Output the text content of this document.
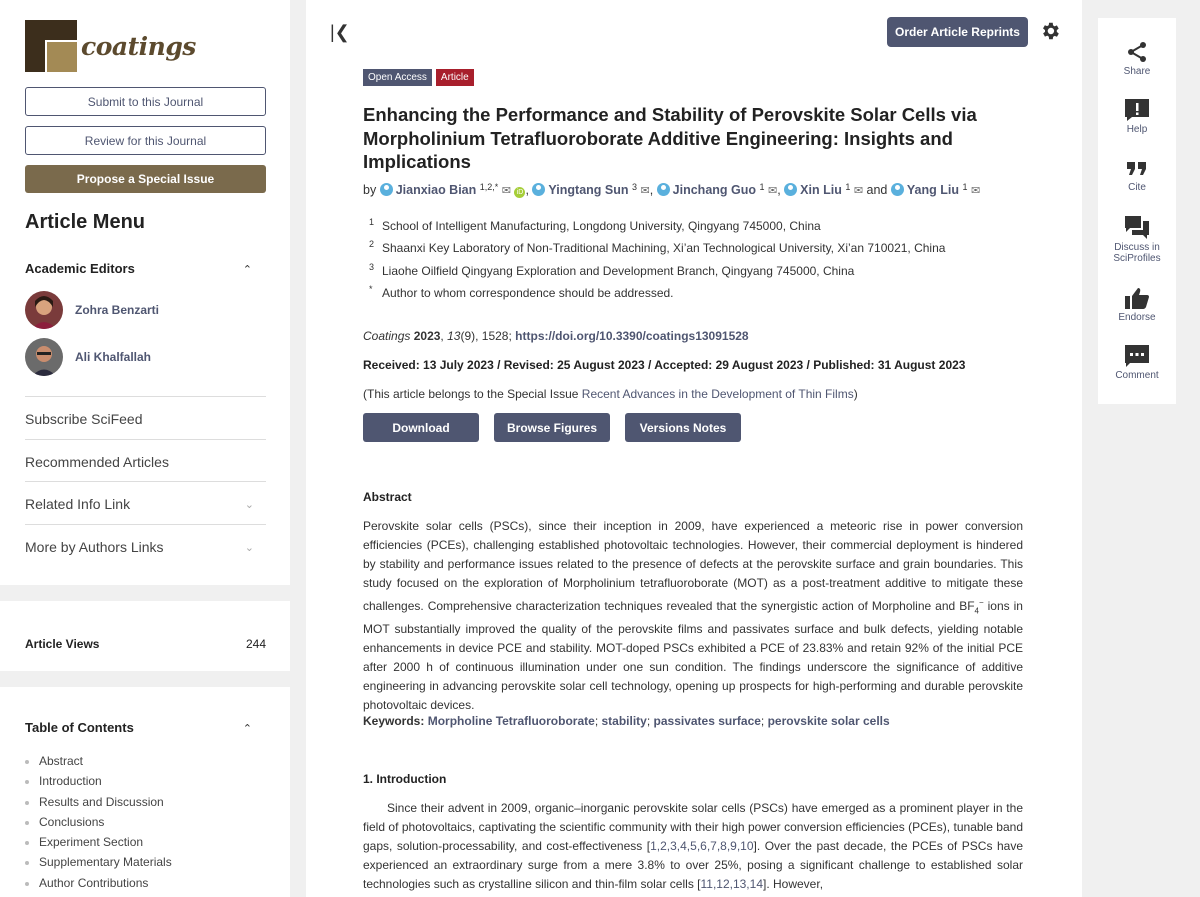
coatings
Submit to this Journal
Review for this Journal
Propose a Special Issue
Article Menu
Academic Editors	⌃
Zohra Benzarti
Ali Khalfallah
Subscribe SciFeed
Recommended Articles
Related Info Link	⌄
More by Authors Links	⌄
Article Views	244
Table of Contents	⌃
Abstract
Introduction
Results and Discussion
Conclusions
Experiment Section
Supplementary Materials
Author Contributions
|❮	Order Article Reprints
Open Access	Article
Enhancing the Performance and Stability of Perovskite Solar Cells via Morpholinium Tetrafluoroborate Additive Engineering: Insights and Implications
by Jianxiao Bian $^{1,2,*}$ ✉ iD , Yingtang Sun $^3$ ✉, Jinchang Guo $^1$ ✉, Xin Liu $^1$ ✉ and Yang Liu $^1$ ✉
1 School of Intelligent Manufacturing, Longdong University, Qingyang 745000, China
2 Shaanxi Key Laboratory of Non-Traditional Machining, Xi’an Technological University, Xi’an 710021, China
3 Liaohe Oilfield Qingyang Exploration and Development Branch, Qingyang 745000, China
* Author to whom correspondence should be addressed.
Coatings 2023, 13(9), 1528; https://doi.org/10.3390/coatings13091528
Received: 13 July 2023 / Revised: 25 August 2023 / Accepted: 29 August 2023 / Published: 31 August 2023
(This article belongs to the Special Issue Recent Advances in the Development of Thin Films)
Download	Browse Figures	Versions Notes
Abstract
Perovskite solar cells (PSCs), since their inception in 2009, have experienced a meteoric rise in power conversion efficiencies (PCEs), challenging established photovoltaic technologies. However, their commercial deployment is hindered by stability and performance issues related to the presence of defects at the perovskite surface and grain boundaries. This study focused on the exploration of Morpholinium tetrafluoroborate (MOT) as a post-treatment additive to mitigate these challenges. Comprehensive characterization techniques revealed that the synergistic action of Morpholine and $BF_4^-$ ions in MOT substantially improved the quality of the perovskite films and passivates surface and bulk defects, yielding notable enhancements in device PCE and stability. MOT-doped PSCs exhibited a PCE of 23.83% and retain 92% of the initial PCE after 2000 h of continuous illumination under one sun condition. The findings underscore the significance of additive engineering in advancing perovskite solar cell technology, opening up prospects for high-performing and durable perovskite photovoltaic devices.
Keywords: Morpholine Tetrafluoroborate; stability; passivates surface; perovskite solar cells
1. Introduction
Since their advent in 2009, organic–inorganic perovskite solar cells (PSCs) have emerged as a prominent player in the field of photovoltaics, captivating the scientific community with their high power conversion efficiencies (PCEs), tunable band gaps, solution-processability, and cost-effectiveness [1,2,3,4,5,6,7,8,9,10]. Over the past decade, the PCEs of PSCs have experienced an extraordinary surge from a mere 3.8% to over 25%, posing a significant challenge to established solar technologies such as crystalline silicon and thin-film solar cells [11,12,13,14]. However,
Share
Help
Cite
Discuss in SciProfiles
Endorse
Comment
